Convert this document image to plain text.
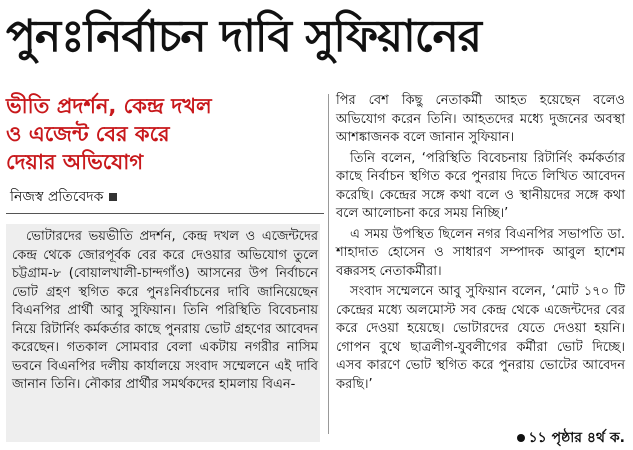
পুনঃনির্বাচন দাবি সুফিয়ানের
ভীতি প্রদর্শন, কেন্দ্র দখল
ও এজেন্ট বের করে
দেয়ার অভিযোগ
নিজস্ব প্রতিবেদক

ভোটারদের ভয়ভীতি প্রদর্শন, কেন্দ্র দখল ও এজেন্টদের কেন্দ্র থেকে জোরপূর্বক বের করে দেওয়ার অভিযোগ তুলে চট্টগ্রাম-৮ (বোয়ালখালী-চান্দগাঁও) আসনের উপ নির্বাচনে ভোট গ্রহণ স্থগিত করে পুনঃনির্বাচনের দাবি জানিয়েছেন বিএনপির প্রার্থী আবু সুফিয়ান। তিনি পরিস্থিতি বিবেচনায় নিয়ে রিটার্নিং কর্মকর্তার কাছে পুনরায় ভোট গ্রহণের আবেদন করেছেন। গতকাল সোমবার বেলা একটায় নগরীর নাসিম ভবনে বিএনপির দলীয় কার্যালয়ে সংবাদ সম্মেলনে এই দাবি জানান তিনি। নৌকার প্রার্থীর সমর্থকদের হামলায় বিএন-

পির বেশ কিছু নেতাকর্মী আহত হয়েছেন বলেও অভিযোগ করেন তিনি। আহতদের মধ্যে দুজনের অবস্থা আশঙ্কাজনক বলে জানান সুফিয়ান।

তিনি বলেন, ‘পরিস্থিতি বিবেচনায় রিটার্নিং কর্মকর্তার কাছে নির্বাচন স্থগিত করে পুনরায় দিতে লিখিত আবেদন করেছি। কেন্দ্রের সঙ্গে কথা বলে ও স্থানীয়দের সঙ্গে কথা বলে আলোচনা করে সময় নিচ্ছি।’

এ সময় উপস্থিত ছিলেন নগর বিএনপির সভাপতি ডা. শাহাদাত হোসেন ও সাধারণ সম্পাদক আবুল হাশেম বক্করসহ নেতাকর্মীরা।

সংবাদ সম্মেলনে আবু সুফিয়ান বলেন, ‘মোট ১৭০ টি কেন্দ্রের মধ্যে অলমোস্ট সব কেন্দ্র থেকে এজেন্টদের বের করে দেওয়া হয়েছে। ভোটারদের যেতে দেওয়া হয়নি। গোপন বুথে ছাত্রলীগ-যুবলীগের কর্মীরা ভোট দিচ্ছে। এসব কারণে ভোট স্থগিত করে পুনরায় ভোটের আবেদন করছি।’

১১ পৃষ্ঠার ৪র্থ ক.
